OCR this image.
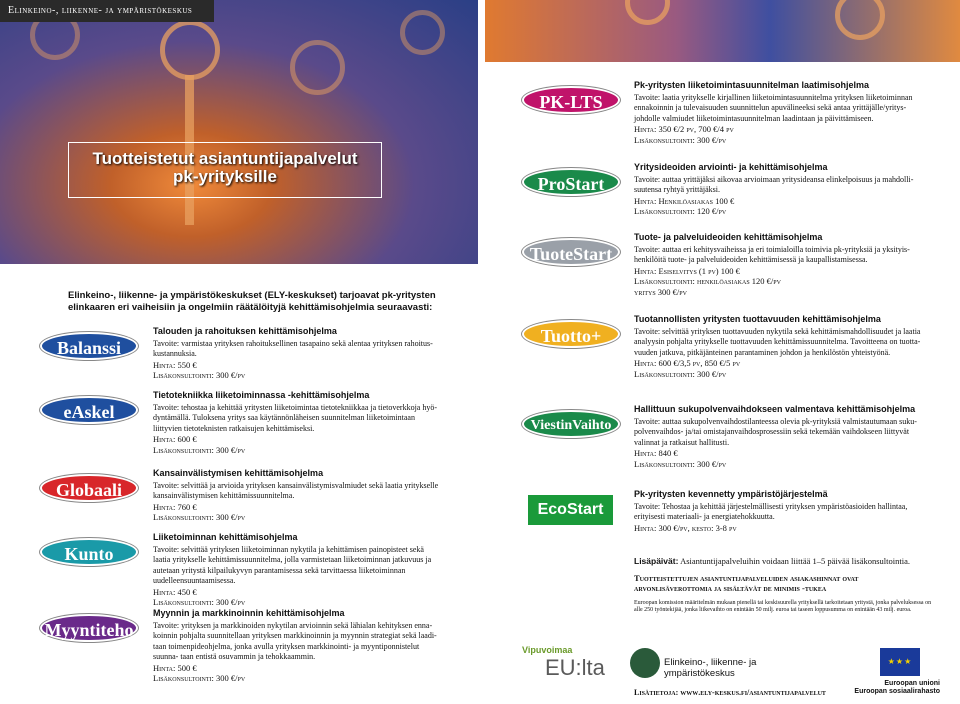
Elinkeino-, liikenne- ja ympäristökeskus
Tuotteistetut asiantuntijapalvelut
pk-yrityksille
Elinkeino-, liikenne- ja ympäristökeskukset (ELY-keskukset) tarjoavat pk-yritysten
elinkaaren eri vaiheisiin ja ongelmiin räätälöityjä kehittämisohjelmia seuraavasti:
Balanssi
Talouden ja rahoituksen kehittämisohjelma
Tavoite: varmistaa yrityksen rahoituksellinen tasapaino sekä alentaa yrityksen rahoitus- kustannuksia.
Hinta: 550 €
Lisäkonsultointi: 300 €/pv
eAskel
Tietotekniikka liiketoiminnassa -kehittämisohjelma
Tavoite: tehostaa ja kehittää yritysten liiketoimintaa tietotekniikkaa ja tietoverkkoja hyö- dyntämällä. Tuloksena yritys saa käytännönläheisen suunnitelman liiketoimintaan liittyvien tietoteknisten ratkaisujen kehittämiseksi.
Hinta: 600 €
Lisäkonsultointi: 300 €/pv
Globaali
Kansainvälistymisen kehittämisohjelma
Tavoite: selvittää ja arvioida yrityksen kansainvälistymisvalmiudet sekä laatia yritykselle kansainvälistymisen kehittämissuunnitelma.
Hinta: 760 €
Lisäkonsultointi: 300 €/pv
Kunto
Liiketoiminnan kehittämisohjelma
Tavoite: selvittää yrityksen liiketoiminnan nykytila ja kehittämisen painopisteet sekä laatia yritykselle kehittämissuunnitelma, jolla varmistetaan liiketoiminnan jatkuvuus ja autetaan yritystä kilpailukyvyn parantamisessa sekä tarvittaessa liiketoiminnan uudelleensuuntaamisessa.
Hinta: 450 €
Lisäkonsultointi: 300 €/pv
Myyntiteho
Myynnin ja markkinoinnin kehittämisohjelma
Tavoite: yrityksen ja markkinoiden nykytilan arvioinnin sekä lähialan kehityksen enna- koinnin pohjalta suunnitellaan yrityksen markkinoinnin ja myynnin strategiat sekä laadi- taan toimenpideohjelma, jonka avulla yrityksen markkinointi- ja myyntiponnistelut suunna- taan entistä osuvammin ja tehokkaammin.
Hinta: 500 €
Lisäkonsultointi: 300 €/pv
PK-LTS
Pk-yritysten liiketoimintasuunnitelman laatimisohjelma
Tavoite: laatia yritykselle kirjallinen liiketoimintasuunnitelma yrityksen liiketoiminnan ennakoinnin ja tulevaisuuden suunnittelun apuvälineeksi sekä antaa yrittäjälle/yritys- johdolle valmiudet liiketoimintasuunnitelman laadintaan ja päivittämiseen.
Hinta: 350 €/2 pv, 700 €/4 pv
Lisäkonsultointi: 300 €/pv
ProStart
Yritysideoiden arviointi- ja kehittämisohjelma
Tavoite: auttaa yrittäjäksi aikovaa arvioimaan yritysideansa elinkelpoisuus ja mahdolli- suutensa ryhtyä yrittäjäksi.
Hinta: Henkilöasiakas 100 €
Lisäkonsultointi: 120 €/pv
TuoteStart
Tuote- ja palveluideoiden kehittämisohjelma
Tavoite: auttaa eri kehitysvaiheissa ja eri toimialoilla toimivia pk-yrityksiä ja yksityis- henkilöitä tuote- ja palveluideoiden kehittämisessä ja kaupallistamisessa.
Hinta: Esiselvitys (1 pv) 100 €
Lisäkonsultointi: henkilöasiakas 120 €/pv
yritys 300 €/pv
Tuotto+
Tuotannollisten yritysten tuottavuuden kehittämisohjelma
Tavoite: selvittää yrityksen tuottavuuden nykytila sekä kehittämismahdollisuudet ja laatia analyysin pohjalta yritykselle tuottavuuden kehittämissuunnitelma. Tavoitteena on tuotta- vuuden jatkuva, pitkäjänteinen parantaminen johdon ja henkilöstön yhteistyönä.
Hinta: 600 €/3,5 pv, 850 €/5 pv
Lisäkonsultointi: 300 €/pv
ViestinVaihto
Hallittuun sukupolvenvaihdokseen valmentava kehittämisohjelma
Tavoite: auttaa sukupolvenvaihdostilanteessa olevia pk-yrityksiä valmistautumaan suku- polvenvaihdos- ja/tai omistajanvaihdosprosessiin sekä tekemään vaihdokseen liittyvät valinnat ja ratkaisut hallitusti.
Hinta: 840 €
Lisäkonsultointi: 300 €/pv
EcoStart
Pk-yritysten kevennetty ympäristöjärjestelmä
Tavoite: Tehostaa ja kehittää järjestelmällisesti yrityksen ympäristöasioiden hallintaa, erityisesti materiaali- ja energiatehokkuutta.
Hinta: 300 €/pv, kesto: 3-8 pv
Lisäpäivät: Asiantuntijapalveluihin voidaan liittää 1–5 päivää lisäkonsultointia.
Tuotteistettujen asiantuntijapalveluiden asiakashinnat ovat arvonlisäverottomia ja sisältävät de minimis -tukea
Euroopan komission määritelmän mukaan pienellä tai keskisuurella yrityksellä tarkoitetaan yritystä, jonka palveluksessa on alle 250 työntekijää, jonka liikevaihto on enintään 50 milj. euroa tai taseen loppusumma on enintään 43 milj. euroa.
Vipuvoimaa
EU:lta	Elinkeino-, liikenne- ja ympäristökeskus
★★★
Euroopan unioni
Euroopan sosiaalirahasto
Lisätietoja: www.ely-keskus.fi/asiantuntijapalvelut
